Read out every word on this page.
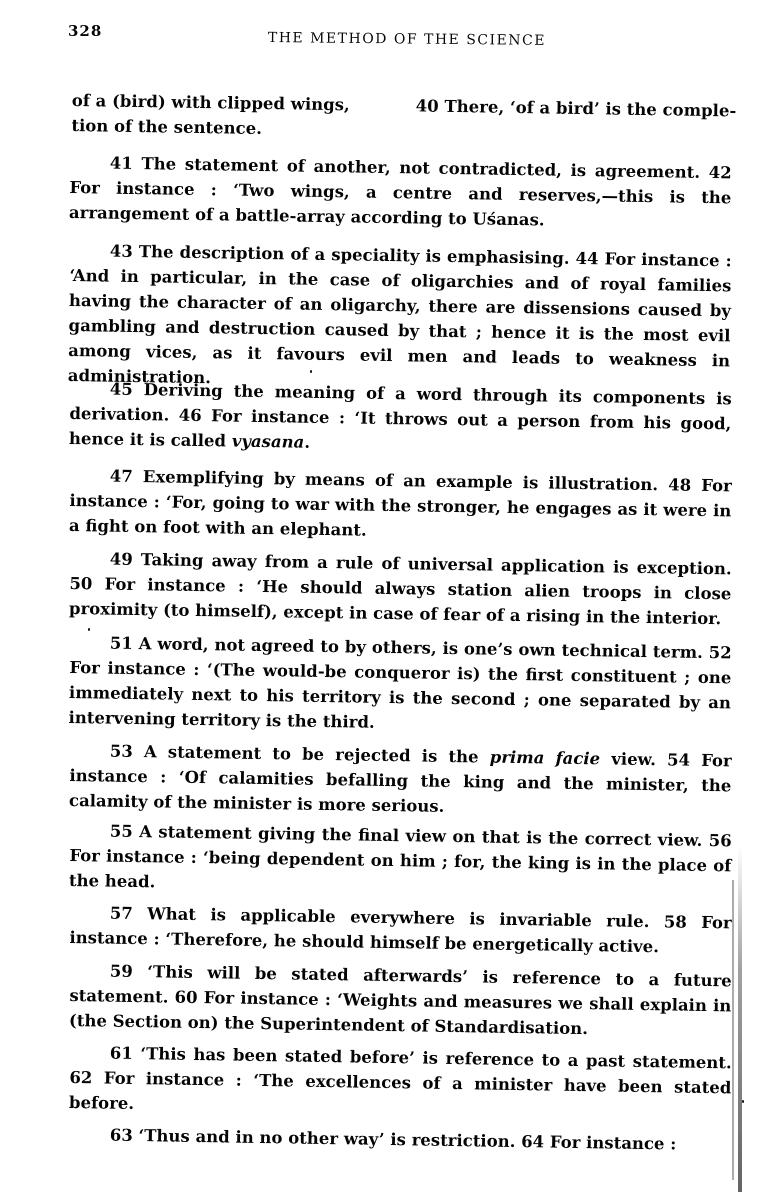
328	THE METHOD OF THE SCIENCE
of a (bird) with clipped wings, tion of the sentence.
40 There, ‘of a bird’ is the comple-
41 The statement of another, not contradicted, is agreement. 42 For instance : ‘Two wings, a centre and reserves,—this is the arrangement of a battle-array according to Uśanas.
43 The description of a speciality is emphasising. 44 For instance : ‘And in particular, in the case of oligarchies and of royal families having the character of an oligarchy, there are dissensions caused by gambling and destruction caused by that ; hence it is the most evil among vices, as it favours evil men and leads to weakness in administration.
45 Deriving the meaning of a word through its components is derivation. 46 For instance : ‘It throws out a person from his good, hence it is called vyasana.
47 Exemplifying by means of an example is illustration. 48 For instance : ‘For, going to war with the stronger, he engages as it were in a fight on foot with an elephant.
49 Taking away from a rule of universal application is exception. 50 For instance : ‘He should always station alien troops in close proximity (to himself), except in case of fear of a rising in the interior.
51 A word, not agreed to by others, is one’s own technical term. 52 For instance : ‘(The would-be conqueror is) the first constituent ; one immediately next to his territory is the second ; one separated by an intervening territory is the third.
53 A statement to be rejected is the prima facie view. 54 For instance : ‘Of calamities befalling the king and the minister, the calamity of the minister is more serious.
55 A statement giving the final view on that is the correct view. 56 For instance : ‘being dependent on him ; for, the king is in the place of the head.
57 What is applicable everywhere is invariable rule. 58 For instance : ‘Therefore, he should himself be energetically active.
59 ‘This will be stated afterwards’ is reference to a future statement. 60 For instance : ‘Weights and measures we shall explain in (the Section on) the Superintendent of Standardisation.
61 ‘This has been stated before’ is reference to a past statement. 62 For instance : ‘The excellences of a minister have been stated before.
63 ‘Thus and in no other way’ is restriction. 64 For instance :
